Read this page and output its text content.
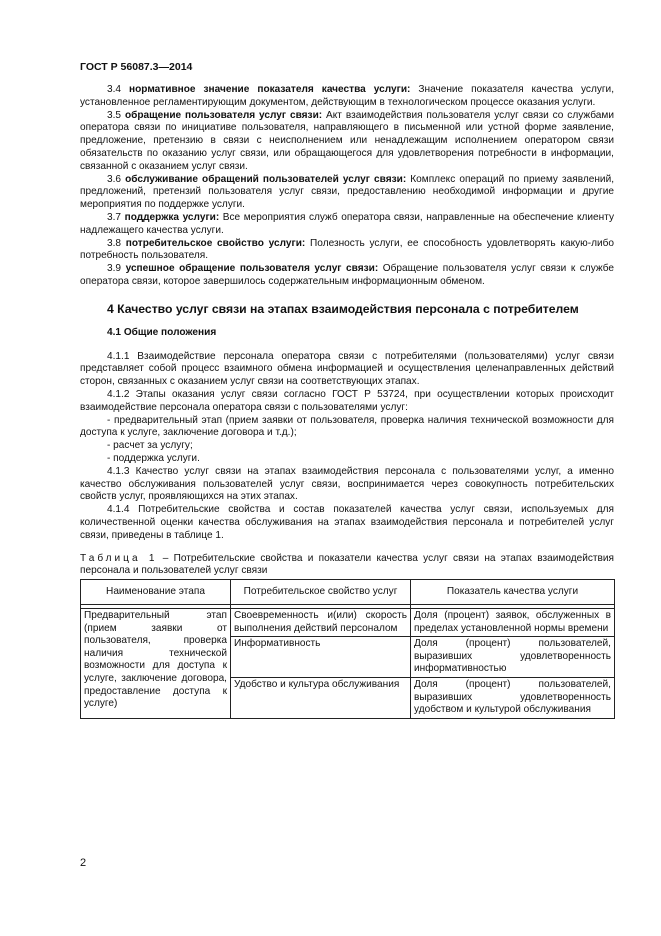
ГОСТ Р 56087.3—2014

3.4 нормативное значение показателя качества услуги: Значение показателя качества услуги, установленное регламентирующим документом, действующим в технологическом процессе оказания услуги.

3.5 обращение пользователя услуг связи: Акт взаимодействия пользователя услуг связи со службами оператора связи по инициативе пользователя, направляющего в письменной или устной форме заявление, предложение, претензию в связи с неисполнением или ненадлежащим исполнением оператором связи обязательств по оказанию услуг связи, или обращающегося для удовлетворения потребности в информации, связанной с оказанием услуг связи.

3.6 обслуживание обращений пользователей услуг связи: Комплекс операций по приему заявлений, предложений, претензий пользователя услуг связи, предоставлению необходимой информации и другие мероприятия по поддержке услуги.

3.7 поддержка услуги: Все мероприятия служб оператора связи, направленные на обеспечение клиенту надлежащего качества услуги.

3.8 потребительское свойство услуги: Полезность услуги, ее способность удовлетворять какую-либо потребность пользователя.

3.9 успешное обращение пользователя услуг связи: Обращение пользователя услуг связи к службе оператора связи, которое завершилось содержательным информационным обменом.

4 Качество услуг связи на этапах взаимодействия персонала с потребителем

4.1 Общие положения

4.1.1 Взаимодействие персонала оператора связи с потребителями (пользователями) услуг связи представляет собой процесс взаимного обмена информацией и осуществления целенаправленных действий сторон, связанных с оказанием услуг связи на соответствующих этапах.

4.1.2 Этапы оказания услуг связи согласно ГОСТ Р 53724, при осуществлении которых происходит взаимодействие персонала оператора связи с пользователями услуг:

- предварительный этап (прием заявки от пользователя, проверка наличия технической возможности для доступа к услуге, заключение договора и т.д.);

- расчет за услугу;

- поддержка услуги.

4.1.3 Качество услуг связи на этапах взаимодействия персонала с пользователями услуг, а именно качество обслуживания пользователей услуг связи, воспринимается через совокупность потребительских свойств услуг, проявляющихся на этих этапах.

4.1.4 Потребительские свойства и состав показателей качества услуг связи, используемых для количественной оценки качества обслуживания на этапах взаимодействия персонала и потребителей услуг связи, приведены в таблице 1.

Таблица 1 – Потребительские свойства и показатели качества услуг связи на этапах взаимодействия персонала и пользователей услуг связи

Наименование этапа	Потребительское свойство услуг	Показатель качества услуги

Предварительный этап (прием заявки от пользователя, проверка наличия технической возможности для доступа к услуге, заключение договора, предоставление доступа к услуге)	Своевременность и(или) скорость выполнения действий персоналом	Доля (процент) заявок, обслуженных в пределах установленной нормы времени
	Информативность	Доля (процент) пользователей, выразивших удовлетворенность информативностью
	Удобство и культура обслуживания	Доля (процент) пользователей, выразивших удовлетворенность удобством и культурой обслуживания
2
